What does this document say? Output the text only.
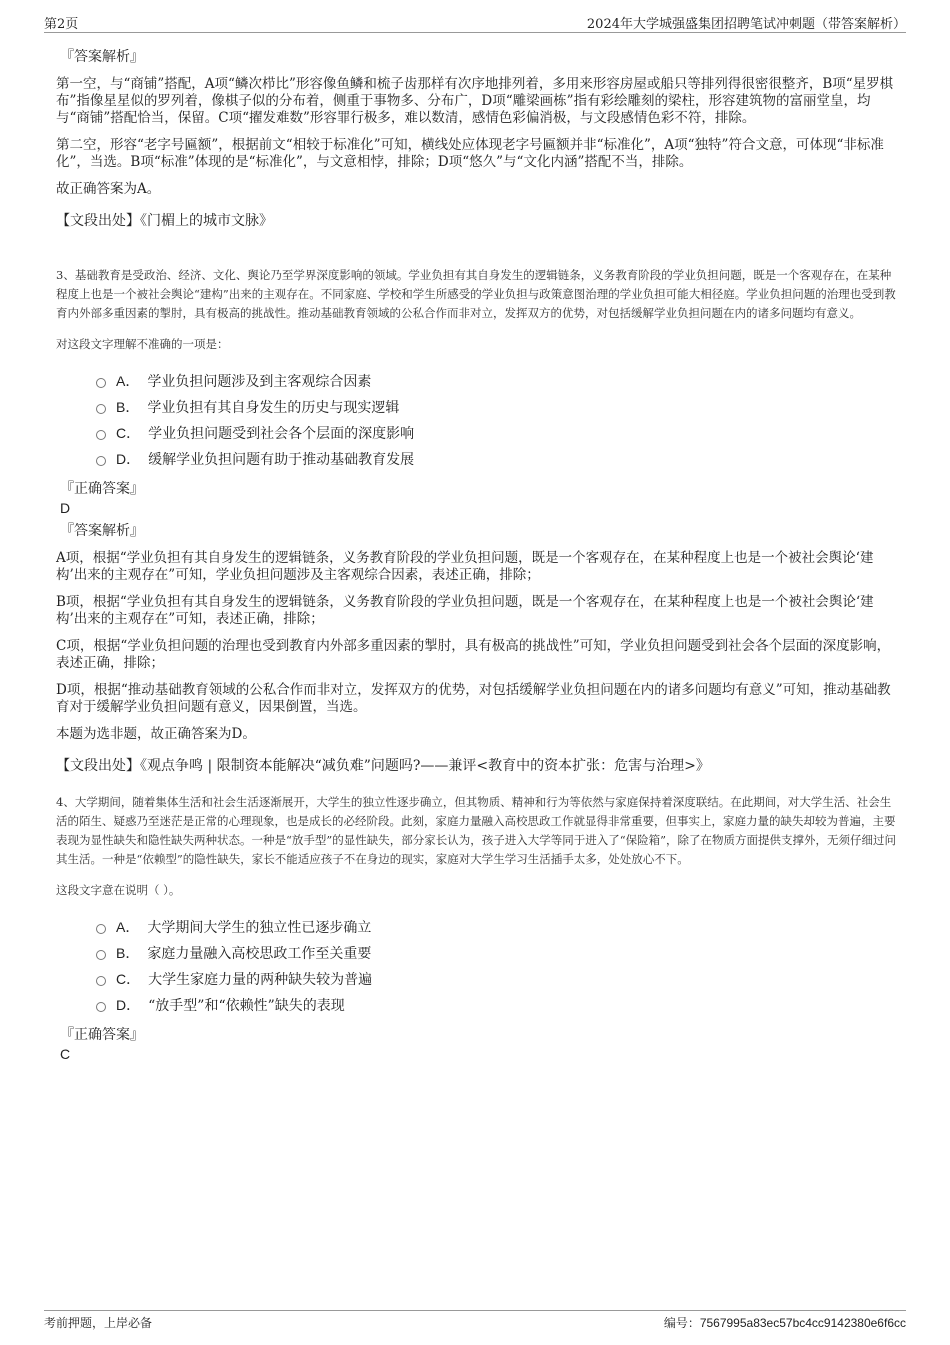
第2页	2024年大学城强盛集团招聘笔试冲刺题（带答案解析）
『答案解析』

第一空，与“商铺”搭配，A项“鳞次栉比”形容像鱼鳞和梳子齿那样有次序地排列着，多用来形容房屋或船只等排列得很密很整齐，B项“星罗棋布”指像星星似的罗列着，像棋子似的分布着，侧重于事物多、分布广，D项“雕梁画栋”指有彩绘雕刻的梁柱，形容建筑物的富丽堂皇，均与“商铺”搭配恰当，保留。C项“擢发难数”形容罪行极多，难以数清，感情色彩偏消极，与文段感情色彩不符，排除。

第二空，形容“老字号匾额”，根据前文“相较于标准化”可知，横线处应体现老字号匾额并非“标准化”，A项“独特”符合文意，可体现“非标准化”，当选。B项“标准”体现的是“标准化”，与文意相悖，排除；D项“悠久”与“文化内涵”搭配不当，排除。

故正确答案为A。

【文段出处】《门楣上的城市文脉》

3、基础教育是受政治、经济、文化、舆论乃至学界深度影响的领域。学业负担有其自身发生的逻辑链条，义务教育阶段的学业负担问题，既是一个客观存在，在某种程度上也是一个被社会舆论“建构”出来的主观存在。不同家庭、学校和学生所感受的学业负担与政策意图治理的学业负担可能大相径庭。学业负担问题的治理也受到教育内外部多重因素的掣肘，具有极高的挑战性。推动基础教育领域的公私合作而非对立，发挥双方的优势，对包括缓解学业负担问题在内的诸多问题均有意义。

对这段文字理解不准确的一项是：

A． 学业负担问题涉及到主客观综合因素
B． 学业负担有其自身发生的历史与现实逻辑
C． 学业负担问题受到社会各个层面的深度影响
D． 缓解学业负担问题有助于推动基础教育发展
『正确答案』
D
『答案解析』

A项，根据“学业负担有其自身发生的逻辑链条，义务教育阶段的学业负担问题，既是一个客观存在，在某种程度上也是一个被社会舆论‘建构’出来的主观存在”可知，学业负担问题涉及主客观综合因素，表述正确，排除；

B项，根据“学业负担有其自身发生的逻辑链条，义务教育阶段的学业负担问题，既是一个客观存在，在某种程度上也是一个被社会舆论‘建构’出来的主观存在”可知，表述正确，排除；

C项，根据“学业负担问题的治理也受到教育内外部多重因素的掣肘，具有极高的挑战性”可知，学业负担问题受到社会各个层面的深度影响，表述正确，排除；

D项，根据“推动基础教育领域的公私合作而非对立，发挥双方的优势，对包括缓解学业负担问题在内的诸多问题均有意义”可知，推动基础教育对于缓解学业负担问题有意义，因果倒置，当选。

本题为选非题，故正确答案为D。

【文段出处】《观点争鸣 | 限制资本能解决“减负难”问题吗?——兼评<教育中的资本扩张：危害与治理>》

4、大学期间，随着集体生活和社会生活逐渐展开，大学生的独立性逐步确立，但其物质、精神和行为等依然与家庭保持着深度联结。在此期间，对大学生活、社会生活的陌生、疑惑乃至迷茫是正常的心理现象，也是成长的必经阶段。此刻，家庭力量融入高校思政工作就显得非常重要，但事实上，家庭力量的缺失却较为普遍，主要表现为显性缺失和隐性缺失两种状态。一种是“放手型”的显性缺失，部分家长认为，孩子进入大学等同于进入了“保险箱”，除了在物质方面提供支撑外，无须仔细过问其生活。一种是“依赖型”的隐性缺失，家长不能适应孩子不在身边的现实，家庭对大学生学习生活插手太多，处处放心不下。

这段文字意在说明（ ）。

A． 大学期间大学生的独立性已逐步确立
B． 家庭力量融入高校思政工作至关重要
C． 大学生家庭力量的两种缺失较为普遍
D． “放手型”和“依赖性”缺失的表现
『正确答案』
C
考前押题，上岸必备	编号：7567995a83ec57bc4cc9142380e6f6cc
